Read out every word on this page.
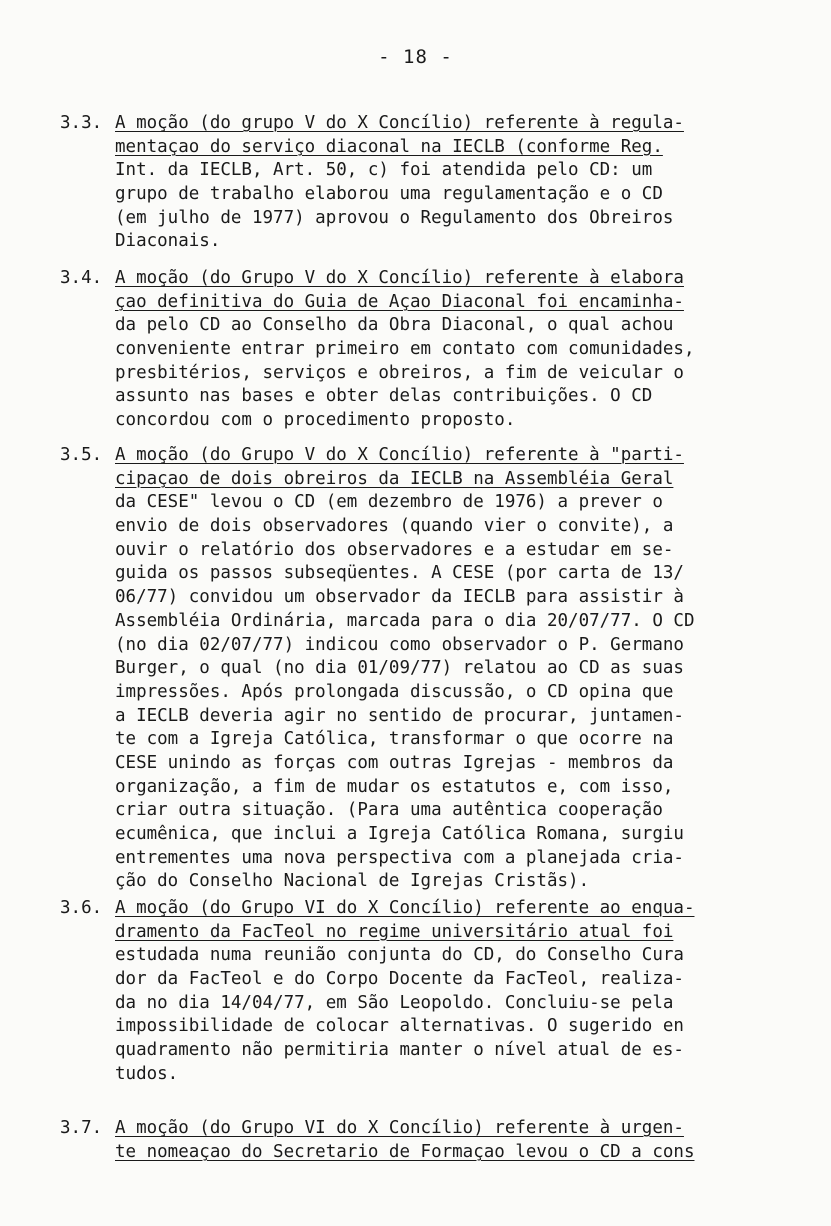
- 18 -
3.3. A moção (do grupo V do X Concílio) referente à regula-
mentaçao do serviço diaconal na IECLB (conforme Reg.
Int. da IECLB, Art. 50, c) foi atendida pelo CD: um
grupo de trabalho elaborou uma regulamentação e o CD
(em julho de 1977) aprovou o Regulamento dos Obreiros
Diaconais.
3.4. A moção (do Grupo V do X Concílio) referente à elabora
çao definitiva do Guia de Açao Diaconal foi encaminha-
da pelo CD ao Conselho da Obra Diaconal, o qual achou
conveniente entrar primeiro em contato com comunidades,
presbitérios, serviços e obreiros, a fim de veicular o
assunto nas bases e obter delas contribuições. O CD
concordou com o procedimento proposto.
3.5. A moção (do Grupo V do X Concílio) referente à "parti-
cipaçao de dois obreiros da IECLB na Assembléia Geral
da CESE" levou o CD (em dezembro de 1976) a prever o
envio de dois observadores (quando vier o convite), a
ouvir o relatório dos observadores e a estudar em se-
guida os passos subseqüentes. A CESE (por carta de 13/
06/77) convidou um observador da IECLB para assistir à
Assembléia Ordinária, marcada para o dia 20/07/77. O CD
(no dia 02/07/77) indicou como observador o P. Germano
Burger, o qual (no dia 01/09/77) relatou ao CD as suas
impressões. Após prolongada discussão, o CD opina que
a IECLB deveria agir no sentido de procurar, juntamen-
te com a Igreja Católica, transformar o que ocorre na
CESE unindo as forças com outras Igrejas - membros da
organização, a fim de mudar os estatutos e, com isso,
criar outra situação. (Para uma autêntica cooperação
ecumênica, que inclui a Igreja Católica Romana, surgiu
entrementes uma nova perspectiva com a planejada cria-
ção do Conselho Nacional de Igrejas Cristãs).
3.6. A moção (do Grupo VI do X Concílio) referente ao enqua-
dramento da FacTeol no regime universitário atual foi
estudada numa reunião conjunta do CD, do Conselho Cura
dor da FacTeol e do Corpo Docente da FacTeol, realiza-
da no dia 14/04/77, em São Leopoldo. Concluiu-se pela
impossibilidade de colocar alternativas. O sugerido en
quadramento não permitiria manter o nível atual de es-
tudos.
3.7. A moção (do Grupo VI do X Concílio) referente à urgen-
te nomeaçao do Secretario de Formaçao levou o CD a cons
